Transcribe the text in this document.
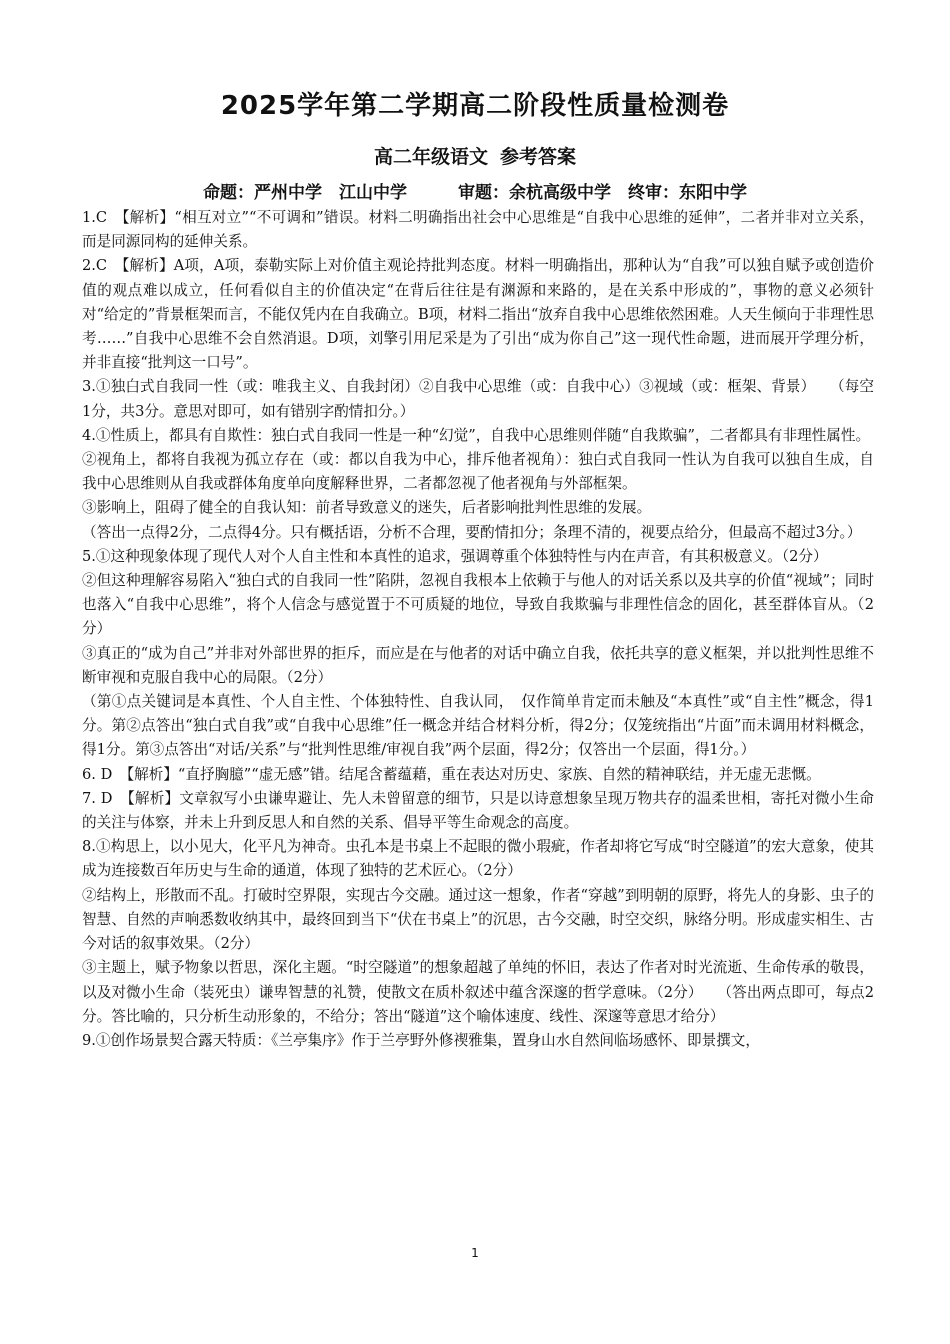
2025学年第二学期高二阶段性质量检测卷
高二年级语文 参考答案
命题：严州中学　江山中学　　　	审题：余杭高级中学　终审：东阳中学

1.C　【解析】“相互对立”“不可调和”错误。材料二明确指出社会中心思维是“自我中心思维的延伸”，二者并非对立关系，而是同源同构的延伸关系。

2.C　【解析】A项，A项，泰勒实际上对价值主观论持批判态度。材料一明确指出，那种认为“自我”可以独自赋予或创造价值的观点难以成立，任何看似自主的价值决定“在背后往往是有渊源和来路的，是在关系中形成的”，事物的意义必须针对“给定的”背景框架而言，不能仅凭内在自我确立。B项，材料二指出“放弃自我中心思维依然困难。人天生倾向于非理性思考……”自我中心思维不会自然消退。D项，刘擎引用尼采是为了引出“成为你自己”这一现代性命题，进而展开学理分析，并非直接“批判这一口号”。

3.①独白式自我同一性（或：唯我主义、自我封闭）②自我中心思维（或：自我中心）③视域（或：框架、背景）　　（每空1分，共3分。意思对即可，如有错别字酌情扣分。）

4.①性质上，都具有自欺性：独白式自我同一性是一种“幻觉”，自我中心思维则伴随“自我欺骗”，二者都具有非理性属性。

②视角上，都将自我视为孤立存在（或：都以自我为中心，排斥他者视角）：独白式自我同一性认为自我可以独自生成，自我中心思维则从自我或群体角度单向度解释世界，二者都忽视了他者视角与外部框架。

③影响上，阻碍了健全的自我认知：前者导致意义的迷失，后者影响批判性思维的发展。

（答出一点得2分，二点得4分。只有概括语，分析不合理，要酌情扣分；条理不清的，视要点给分，但最高不超过3分。）

5.①这种现象体现了现代人对个人自主性和本真性的追求，强调尊重个体独特性与内在声音，有其积极意义。（2分）

②但这种理解容易陷入“独白式的自我同一性”陷阱，忽视自我根本上依赖于与他人的对话关系以及共享的价值“视域”；同时也落入“自我中心思维”，将个人信念与感觉置于不可质疑的地位，导致自我欺骗与非理性信念的固化，甚至群体盲从。（2分）

③真正的“成为自己”并非对外部世界的拒斥，而应是在与他者的对话中确立自我，依托共享的意义框架，并以批判性思维不断审视和克服自我中心的局限。（2分）

（第①点关键词是本真性、个人自主性、个体独特性、自我认同，　仅作简单肯定而未触及“本真性”或“自主性”概念，得1分。第②点答出“独白式自我”或“自我中心思维”任一概念并结合材料分析，得2分；仅笼统指出“片面”而未调用材料概念，得1分。第③点答出“对话/关系”与“批判性思维/审视自我”两个层面，得2分；仅答出一个层面，得1分。）

6. D　【解析】“直抒胸臆”“虚无感”错。结尾含蓄蕴藉，重在表达对历史、家族、自然的精神联结，并无虚无悲慨。

7. D　【解析】文章叙写小虫谦卑避让、先人未曾留意的细节，只是以诗意想象呈现万物共存的温柔世相，寄托对微小生命的关注与体察，并未上升到反思人和自然的关系、倡导平等生命观念的高度。

8.①构思上，以小见大，化平凡为神奇。虫孔本是书桌上不起眼的微小瑕疵，作者却将它写成“时空隧道”的宏大意象，使其成为连接数百年历史与生命的通道，体现了独特的艺术匠心。（2分）

②结构上，形散而不乱。打破时空界限，实现古今交融。通过这一想象，作者“穿越”到明朝的原野，将先人的身影、虫子的智慧、自然的声响悉数收纳其中，最终回到当下“伏在书桌上”的沉思，古今交融，时空交织，脉络分明。形成虚实相生、古今对话的叙事效果。（2分）

③主题上，赋予物象以哲思，深化主题。“时空隧道”的想象超越了单纯的怀旧，表达了作者对时光流逝、生命传承的敬畏，以及对微小生命（装死虫）谦卑智慧的礼赞，使散文在质朴叙述中蕴含深邃的哲学意味。（2分）　　（答出两点即可，每点2分。答比喻的，只分析生动形象的，不给分；答出“隧道”这个喻体速度、线性、深邃等意思才给分）

9.①创作场景契合露天特质：《兰亭集序》作于兰亭野外修禊雅集，置身山水自然间临场感怀、即景撰文，

1
